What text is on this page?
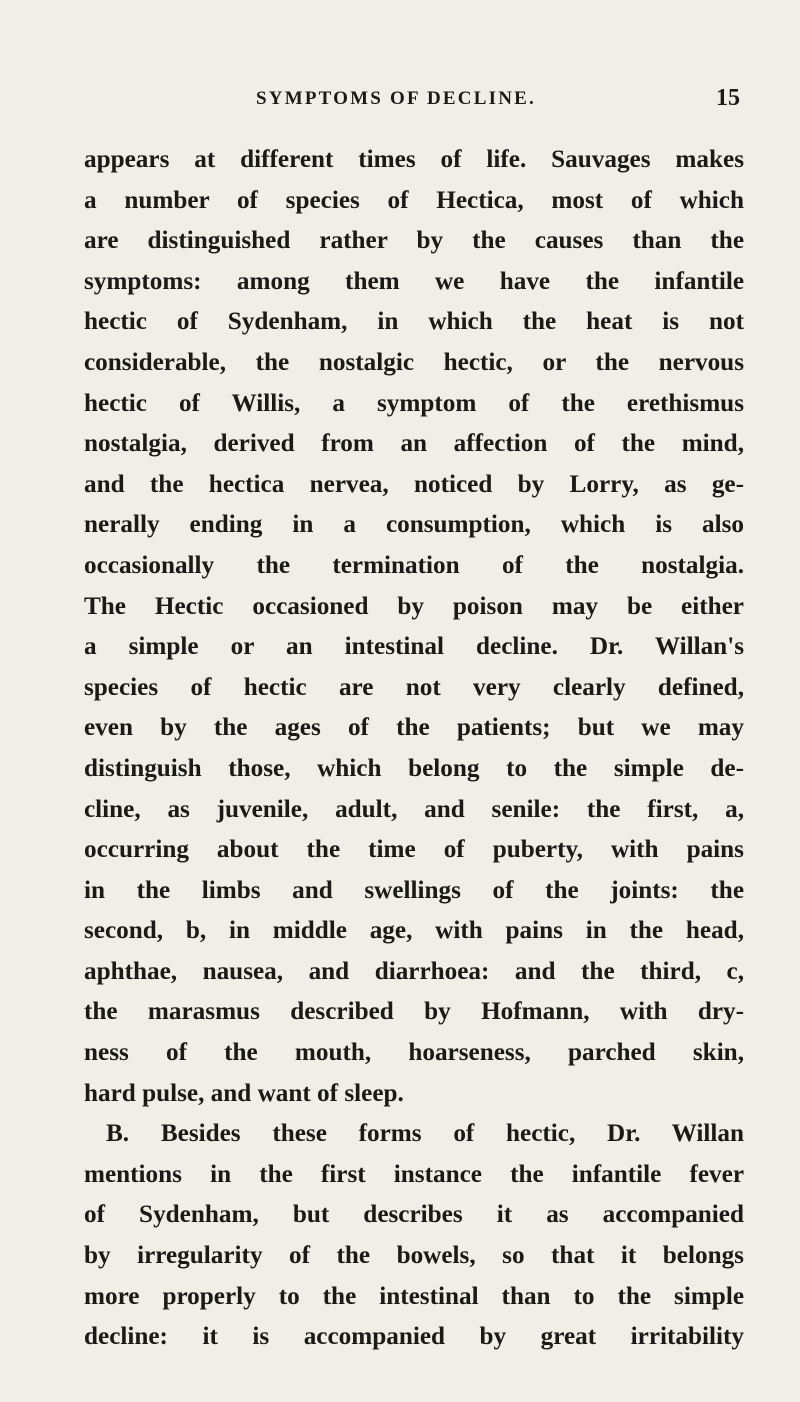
SYMPTOMS OF DECLINE.	15
appears at different times of life. Sauvages makes
a number of species of Hectica, most of which
are distinguished rather by the causes than the
symptoms: among them we have the infantile
hectic of Sydenham, in which the heat is not
considerable, the nostalgic hectic, or the nervous
hectic of Willis, a symptom of the erethismus
nostalgia, derived from an affection of the mind,
and the hectica nervea, noticed by Lorry, as ge-
nerally ending in a consumption, which is also
occasionally the termination of the nostalgia.
The Hectic occasioned by poison may be either
a simple or an intestinal decline. Dr. Willan's
species of hectic are not very clearly defined,
even by the ages of the patients; but we may
distinguish those, which belong to the simple de-
cline, as juvenile, adult, and senile: the first, a,
occurring about the time of puberty, with pains
in the limbs and swellings of the joints: the
second, b, in middle age, with pains in the head,
aphthae, nausea, and diarrhoea: and the third, c,
the marasmus described by Hofmann, with dry-
ness of the mouth, hoarseness, parched skin,
hard pulse, and want of sleep.
B. Besides these forms of hectic, Dr. Willan
mentions in the first instance the infantile fever
of Sydenham, but describes it as accompanied
by irregularity of the bowels, so that it belongs
more properly to the intestinal than to the simple
decline: it is accompanied by great irritability
